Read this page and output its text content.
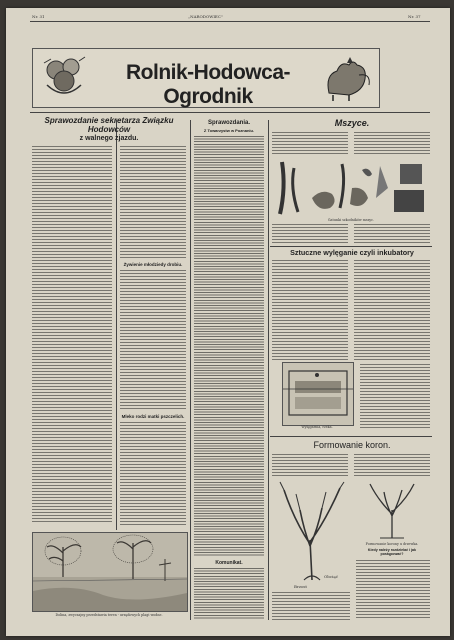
Nr. 31	„NARODOWIEC"	Nr. 37
Rolnik-Hodowca-Ogrodnik
Sprawozdanie sekretarza Związku Hodowców
z walnego zjazdu.
Żywienie młodziedy drobiu.
Mleko rodzi matki pszczelich.
Dolina, zwyczajny przedstawia teren - urzędowych plagi wodne.
Sprawozdania.
Z Towarzystw w Poznaniu.
Komunikat.
Mszyce.
Gatunki szkodników mszyc.
Sztuczne wylęganie czyli inkubatory
Wylęgarnia, rzeka.
Formowanie koron.
Brzost
Obciąć
Formowanie korony u drzewka.
Kiedy należy rozdzielać i jak postępować?
